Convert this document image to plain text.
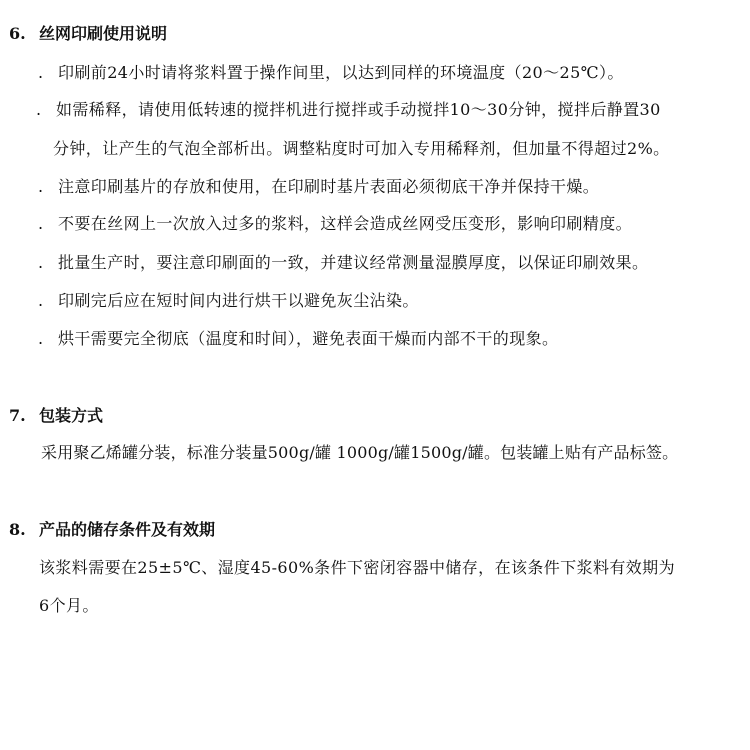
6. 丝网印刷使用说明
. 印刷前24小时请将浆料置于操作间里，以达到同样的环境温度（20～25℃）。
. 如需稀释，请使用低转速的搅拌机进行搅拌或手动搅拌10～30分钟，搅拌后静置30
分钟，让产生的气泡全部析出。调整粘度时可加入专用稀释剂，但加量不得超过2%。
. 注意印刷基片的存放和使用，在印刷时基片表面必须彻底干净并保持干燥。
. 不要在丝网上一次放入过多的浆料，这样会造成丝网受压变形，影响印刷精度。
. 批量生产时，要注意印刷面的一致，并建议经常测量湿膜厚度，以保证印刷效果。
. 印刷完后应在短时间内进行烘干以避免灰尘沾染。
. 烘干需要完全彻底（温度和时间），避免表面干燥而内部不干的现象。
7. 包装方式
采用聚乙烯罐分装，标准分装量500g/罐 1000g/罐1500g/罐。包装罐上贴有产品标签。
8. 产品的储存条件及有效期
该浆料需要在25±5℃、湿度45-60%条件下密闭容器中储存，在该条件下浆料有效期为
6个月。
